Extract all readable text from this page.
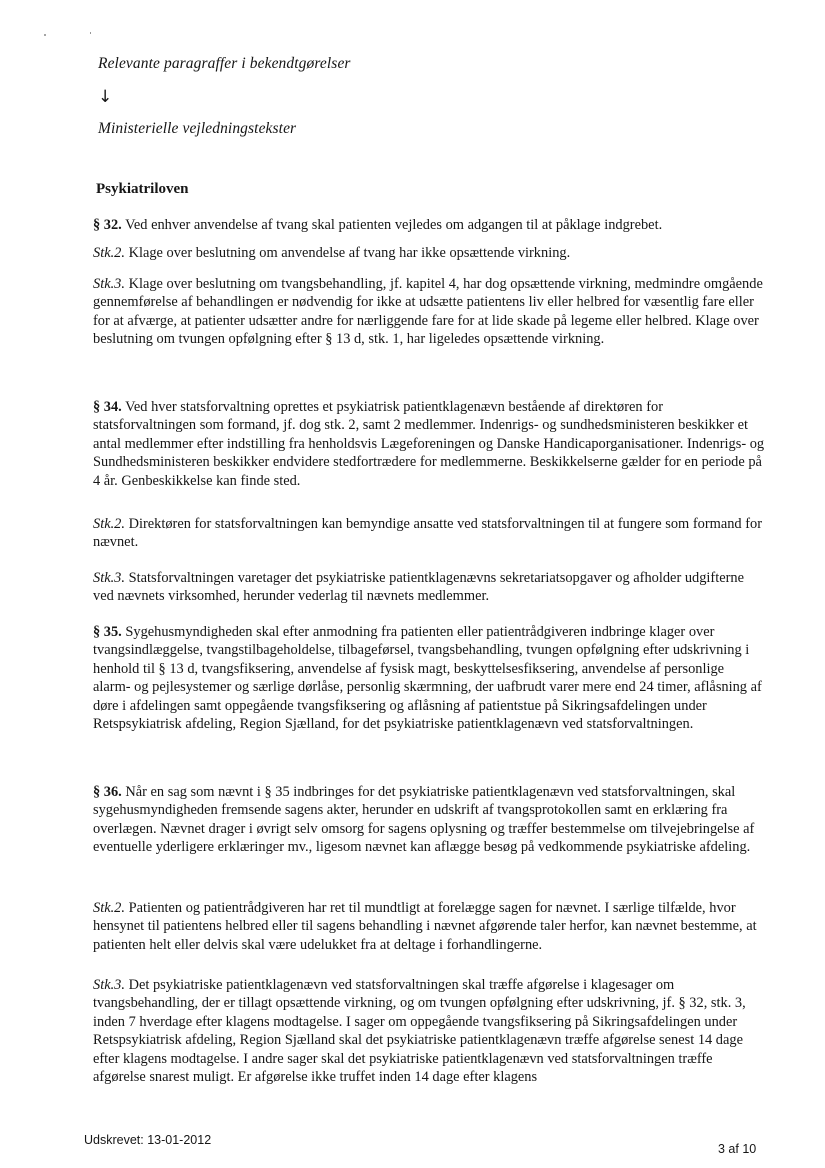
Relevante paragraffer i bekendtgørelser
↓
Ministerielle vejledningstekster
Psykiatriloven

§ 32. Ved enhver anvendelse af tvang skal patienten vejledes om adgangen til at påklage indgrebet.

Stk.2. Klage over beslutning om anvendelse af tvang har ikke opsættende virkning.

Stk.3. Klage over beslutning om tvangsbehandling, jf. kapitel 4, har dog opsættende virkning, medmindre omgående gennemførelse af behandlingen er nødvendig for ikke at udsætte patientens liv eller helbred for væsentlig fare eller for at afværge, at patienter udsætter andre for nærliggende fare for at lide skade på legeme eller helbred. Klage over beslutning om tvungen opfølgning efter § 13 d, stk. 1, har ligeledes opsættende virkning.

§ 34. Ved hver statsforvaltning oprettes et psykiatrisk patientklagenævn bestående af direktøren for statsforvaltningen som formand, jf. dog stk. 2, samt 2 medlemmer. Indenrigs- og sundhedsministeren beskikker et antal medlemmer efter indstilling fra henholdsvis Lægeforeningen og Danske Handicaporganisationer. Indenrigs- og Sundhedsministeren beskikker endvidere stedfortrædere for medlemmerne. Beskikkelserne gælder for en periode på 4 år. Genbeskikkelse kan finde sted.

Stk.2. Direktøren for statsforvaltningen kan bemyndige ansatte ved statsforvaltningen til at fungere som formand for nævnet.

Stk.3. Statsforvaltningen varetager det psykiatriske patientklagenævns sekretariatsopgaver og afholder udgifterne ved nævnets virksomhed, herunder vederlag til nævnets medlemmer.

§ 35. Sygehusmyndigheden skal efter anmodning fra patienten eller patientrådgiveren indbringe klager over tvangsindlæggelse, tvangstilbageholdelse, tilbageførsel, tvangsbehandling, tvungen opfølgning efter udskrivning i henhold til § 13 d, tvangsfiksering, anvendelse af fysisk magt, beskyttelsesfiksering, anvendelse af personlige alarm- og pejlesystemer og særlige dørlåse, personlig skærmning, der uafbrudt varer mere end 24 timer, aflåsning af døre i afdelingen samt oppegående tvangsfiksering og aflåsning af patientstue på Sikringsafdelingen under Retspsykiatrisk afdeling, Region Sjælland, for det psykiatriske patientklagenævn ved statsforvaltningen.

§ 36. Når en sag som nævnt i § 35 indbringes for det psykiatriske patientklagenævn ved statsforvaltningen, skal sygehusmyndigheden fremsende sagens akter, herunder en udskrift af tvangsprotokollen samt en erklæring fra overlægen. Nævnet drager i øvrigt selv omsorg for sagens oplysning og træffer bestemmelse om tilvejebringelse af eventuelle yderligere erklæringer mv., ligesom nævnet kan aflægge besøg på vedkommende psykiatriske afdeling.

Stk.2. Patienten og patientrådgiveren har ret til mundtligt at forelægge sagen for nævnet. I særlige tilfælde, hvor hensynet til patientens helbred eller til sagens behandling i nævnet afgørende taler herfor, kan nævnet bestemme, at patienten helt eller delvis skal være udelukket fra at deltage i forhandlingerne.

Stk.3. Det psykiatriske patientklagenævn ved statsforvaltningen skal træffe afgørelse i klagesager om tvangsbehandling, der er tillagt opsættende virkning, og om tvungen opfølgning efter udskrivning, jf. § 32, stk. 3, inden 7 hverdage efter klagens modtagelse. I sager om oppegående tvangsfiksering på Sikringsafdelingen under Retspsykiatrisk afdeling, Region Sjælland skal det psykiatriske patientklagenævn træffe afgørelse senest 14 dage efter klagens modtagelse. I andre sager skal det psykiatriske patientklagenævn ved statsforvaltningen træffe afgørelse snarest muligt. Er afgørelse ikke truffet inden 14 dage efter klagens

Udskrevet: 13-01-2012
3 af 10
